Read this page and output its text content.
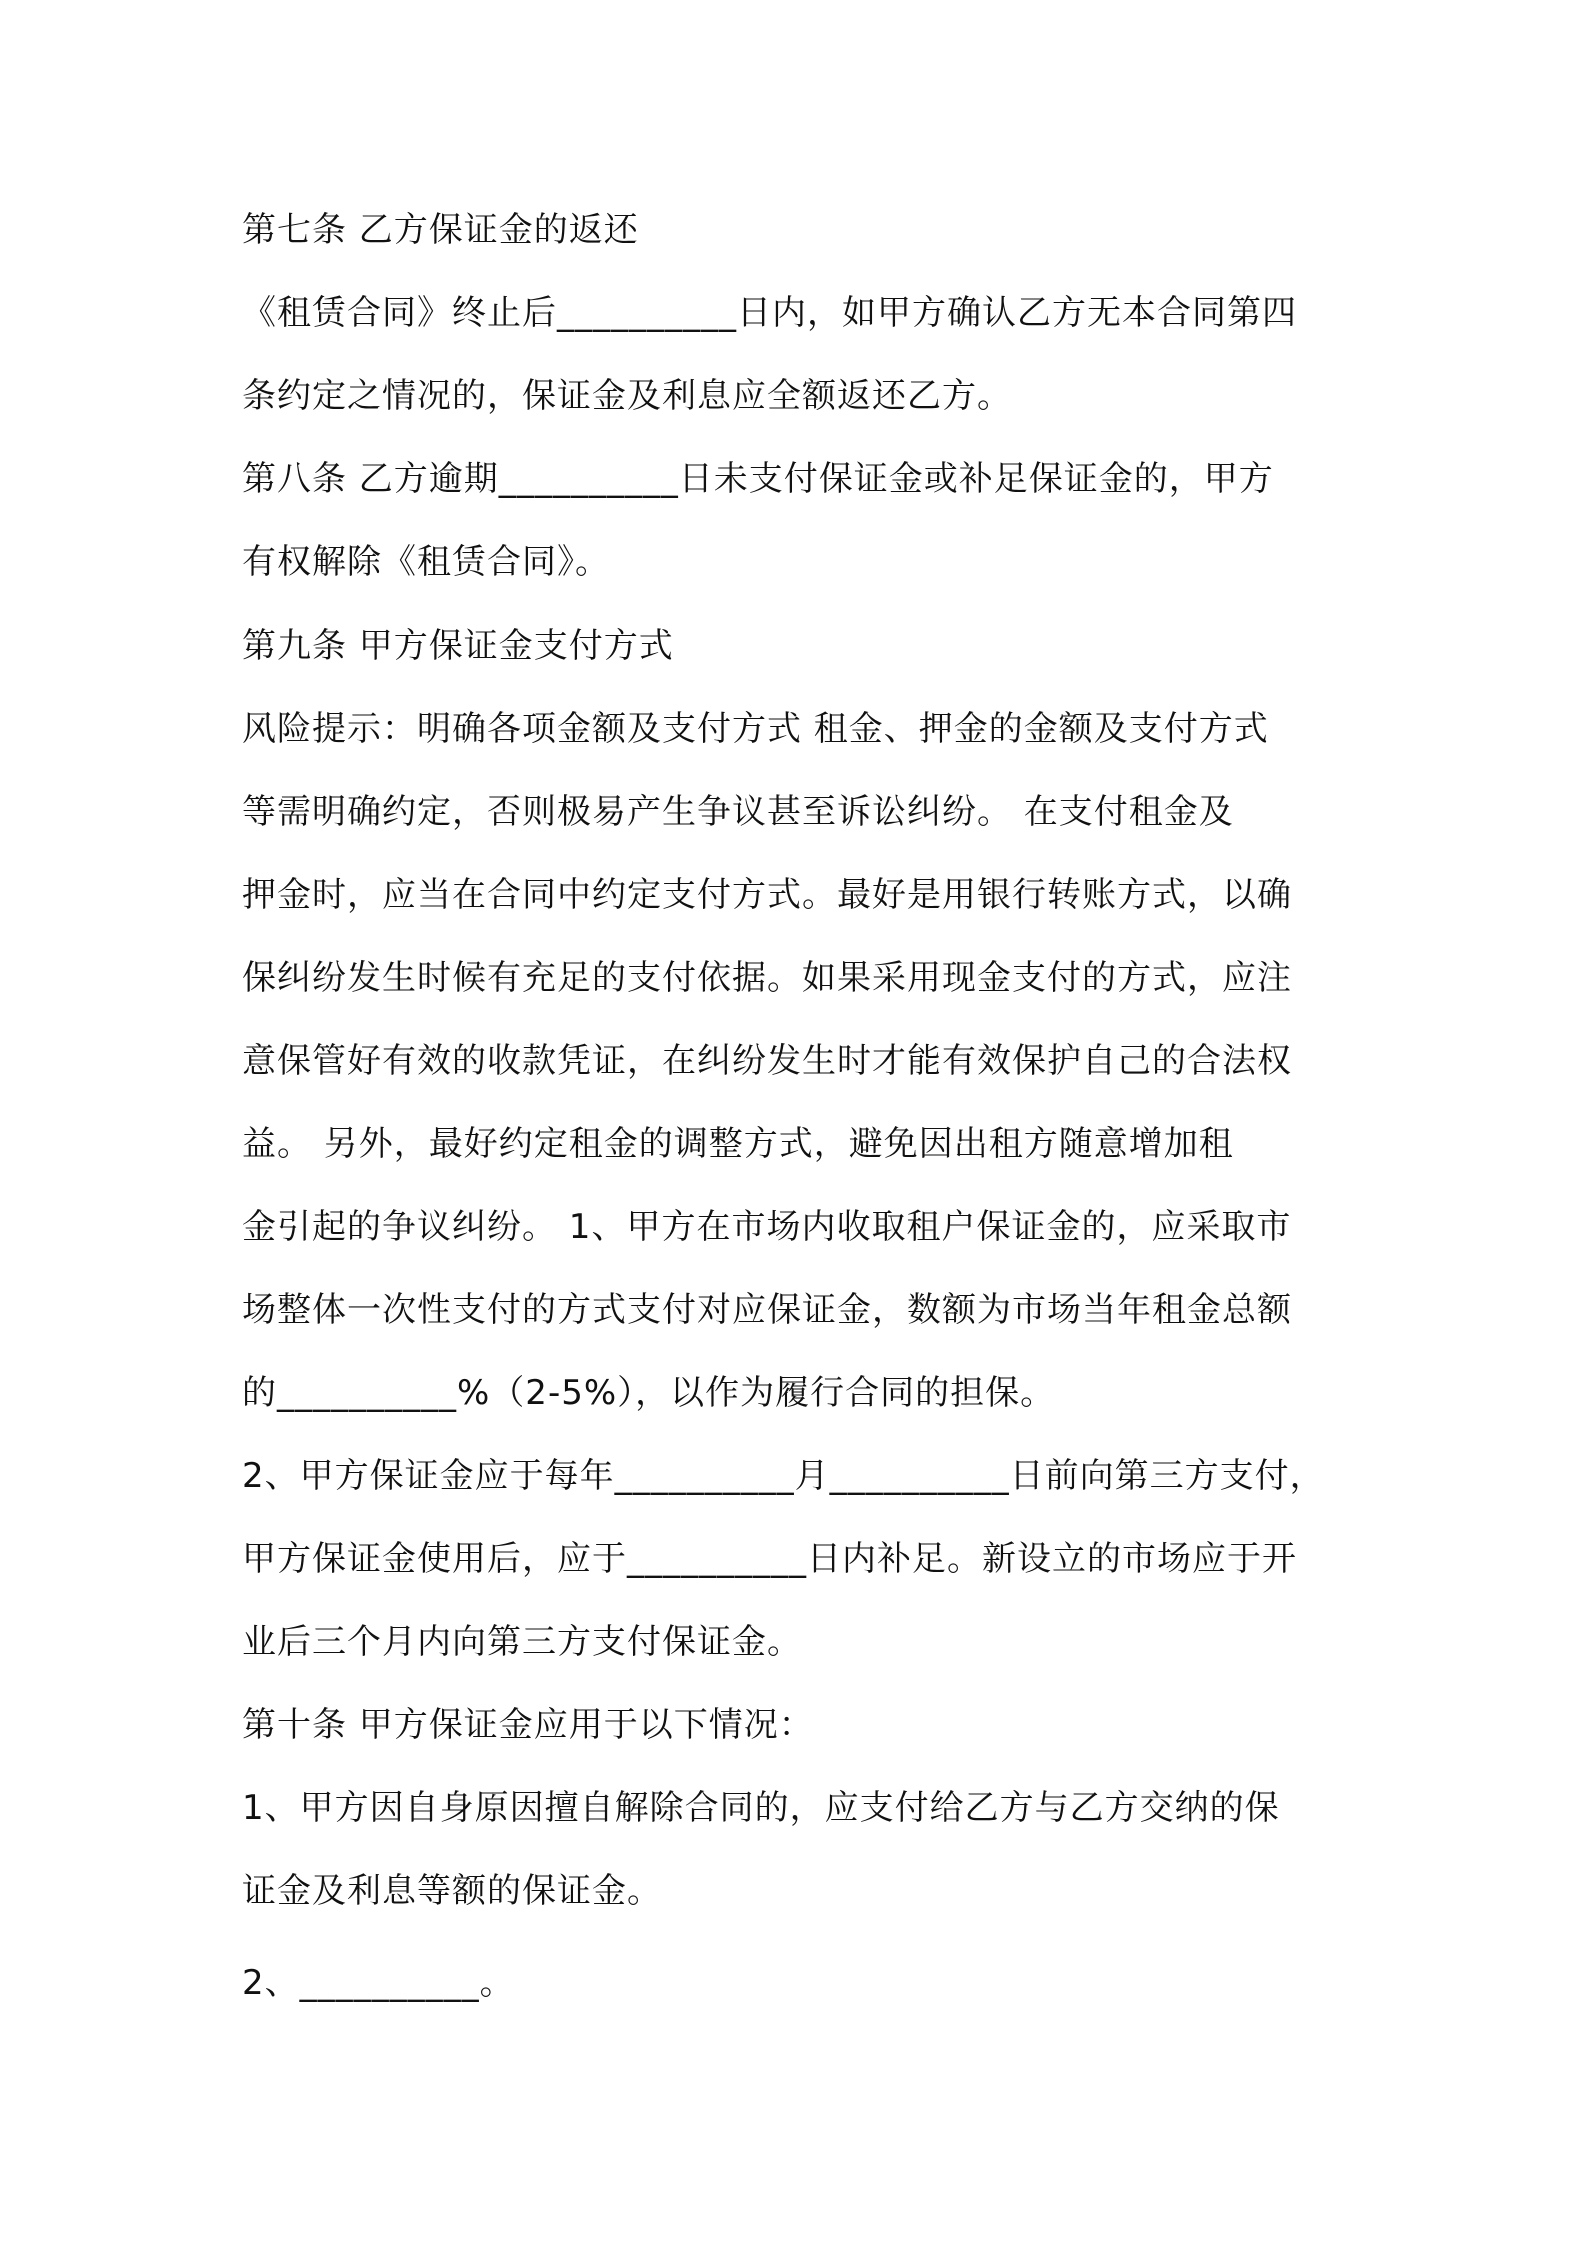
第七条 乙方保证金的返还
《租赁合同》终止后__________日内，如甲方确认乙方无本合同第四
条约定之情况的，保证金及利息应全额返还乙方。
第八条 乙方逾期__________日未支付保证金或补足保证金的，甲方
有权解除《租赁合同》。
第九条 甲方保证金支付方式
风险提示：明确各项金额及支付方式 租金、押金的金额及支付方式
等需明确约定，否则极易产生争议甚至诉讼纠纷。 在支付租金及
押金时，应当在合同中约定支付方式。最好是用银行转账方式，以确
保纠纷发生时候有充足的支付依据。如果采用现金支付的方式，应注
意保管好有效的收款凭证，在纠纷发生时才能有效保护自己的合法权
益。 另外，最好约定租金的调整方式，避免因出租方随意增加租
金引起的争议纠纷。 1、甲方在市场内收取租户保证金的，应采取市
场整体一次性支付的方式支付对应保证金，数额为市场当年租金总额
的__________%（2-5%），以作为履行合同的担保。
2、甲方保证金应于每年__________月__________日前向第三方支付，
甲方保证金使用后，应于__________日内补足。新设立的市场应于开
业后三个月内向第三方支付保证金。
第十条 甲方保证金应用于以下情况：
1、甲方因自身原因擅自解除合同的，应支付给乙方与乙方交纳的保
证金及利息等额的保证金。
2、__________。
